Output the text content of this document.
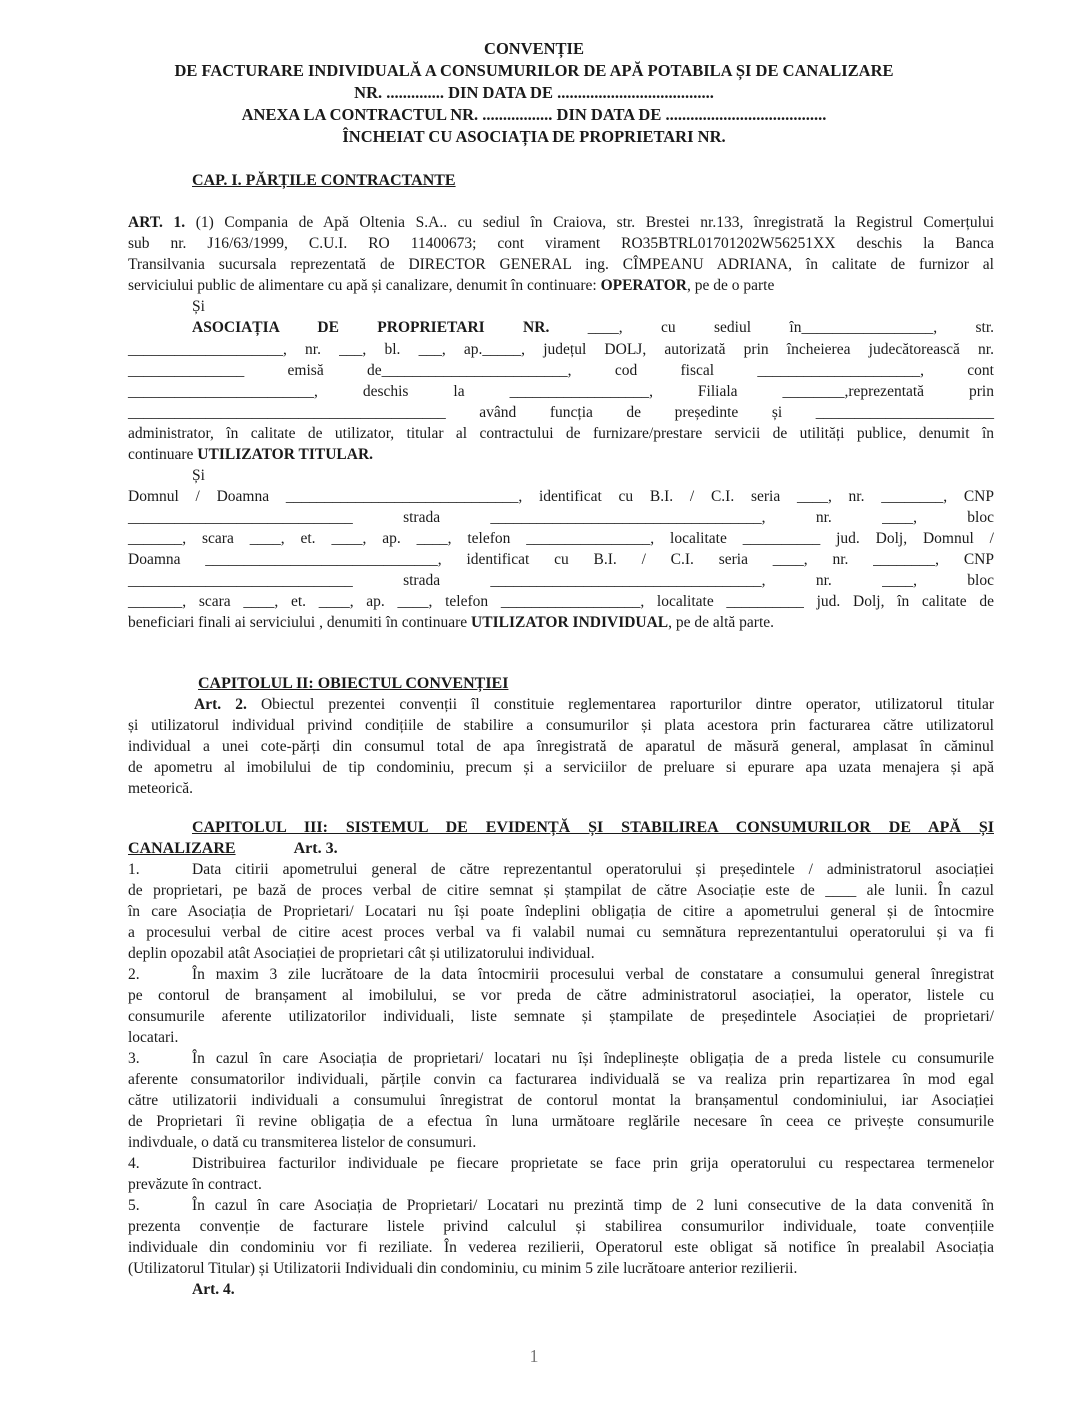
CONVENȚIE
DE FACTURARE INDIVIDUALĂ A CONSUMURILOR DE APĂ POTABILA ȘI DE CANALIZARE
NR. .............. DIN DATA DE ......................................
ANEXA LA CONTRACTUL NR. ................. DIN DATA DE .......................................
ÎNCHEIAT CU ASOCIAȚIA DE PROPRIETARI NR.
CAP. I. PĂRȚILE CONTRACTANTE
ART. 1. (1) Compania de Apă Oltenia S.A.. cu sediul în Craiova, str. Brestei nr.133, înregistrată la Registrul Comerțului
sub nr. J16/63/1999, C.U.I. RO 11400673; cont virament RO35BTRL01701202W56251XX deschis la Banca
Transilvania sucursala reprezentată de DIRECTOR GENERAL ing. CÎMPEANU ADRIANA, în calitate de furnizor al
serviciului public de alimentare cu apă și canalizare, denumit în continuare: OPERATOR, pe de o parte
Și
ASOCIAȚIA DE PROPRIETARI NR. ____, cu sediul în_________________, str.
____________________, nr. ___, bl. ___, ap._____, județul DOLJ, autorizată prin încheierea judecătorească nr.
_______________ emisă de________________________, cod fiscal _____________________, cont
________________________, deschis la __________________, Filiala ________,reprezentată prin
_________________________________________ având funcția de președinte și _______________________
administrator, în calitate de utilizator, titular al contractului de furnizare/prestare servicii de utilități publice, denumit în
continuare UTILIZATOR TITULAR.
Și
Domnul / Doamna ______________________________, identificat cu B.I. / C.I. seria ____, nr. ________, CNP
_____________________________ strada ___________________________________, nr. ____, bloc
_______, scara ____, et. ____, ap. ____, telefon ________________, localitate __________ jud. Dolj, Domnul /
Doamna ______________________________, identificat cu B.I. / C.I. seria ____, nr. ________, CNP
_____________________________ strada ___________________________________, nr. ____, bloc
_______, scara ____, et. ____, ap. ____, telefon __________________, localitate __________ jud. Dolj, în calitate de
beneficiari finali ai serviciului , denumiti în continuare UTILIZATOR INDIVIDUAL, pe de altă parte.
CAPITOLUL II: OBIECTUL CONVENȚIEI
Art. 2. Obiectul prezentei convenții îl constituie reglementarea raporturilor dintre operator, utilizatorul titular
și utilizatorul individual privind condițiile de stabilire a consumurilor și plata acestora prin facturarea către utilizatorul
individual a unei cote-părți din consumul total de apa înregistrată de aparatul de măsură general, amplasat în căminul
de apometru al imobilului de tip condominiu, precum și a serviciilor de preluare si epurare apa uzata menajera și apă
meteorică.
CAPITOLUL III: SISTEMUL DE EVIDENȚĂ ȘI STABILIREA CONSUMURILOR DE APĂ ȘI
CANALIZARE	Art. 3.
1.	Data citirii apometrului general de către reprezentantul operatorului și președintele / administratorul asociației
de proprietari, pe bază de proces verbal de citire semnat și ștampilat de către Asociație este de ____ ale lunii. În cazul
în care Asociația de Proprietari/ Locatari nu își poate îndeplini obligația de citire a apometrului general și de întocmire
a procesului verbal de citire acest proces verbal va fi valabil numai cu semnătura reprezentantului operatorului și va fi
deplin opozabil atât Asociației de proprietari cât și utilizatorului individual.
2.	În maxim 3 zile lucrătoare de la data întocmirii procesului verbal de constatare a consumului general înregistrat
pe contorul de branșament al imobilului, se vor preda de către administratorul asociației, la operator, listele cu
consumurile aferente utilizatorilor individuali, liste semnate și ștampilate de președintele Asociației de proprietari/
locatari.
3.	În cazul în care Asociația de proprietari/ locatari nu își îndeplinește obligația de a preda listele cu consumurile
aferente consumatorilor individuali, părțile convin ca facturarea individuală se va realiza prin repartizarea în mod egal
către utilizatorii individuali a consumului înregistrat de contorul montat la branșamentul condominiului, iar Asociației
de Proprietari îi revine obligația de a efectua în luna următoare reglările necesare în ceea ce privește consumurile
indivduale, o dată cu transmiterea listelor de consumuri.
4.	Distribuirea facturilor individuale pe fiecare proprietate se face prin grija operatorului cu respectarea termenelor
prevăzute în contract.
5.	În cazul în care Asociația de Proprietari/ Locatari nu prezintă timp de 2 luni consecutive de la data convenită în
prezenta convenție de facturare listele privind calculul și stabilirea consumurilor individuale, toate convențiile
individuale din condominiu vor fi reziliate. În vederea rezilierii, Operatorul este obligat să notifice în prealabil Asociația
(Utilizatorul Titular) și Utilizatorii Individuali din condominiu, cu minim 5 zile lucrătoare anterior rezilierii.
Art. 4.
1
